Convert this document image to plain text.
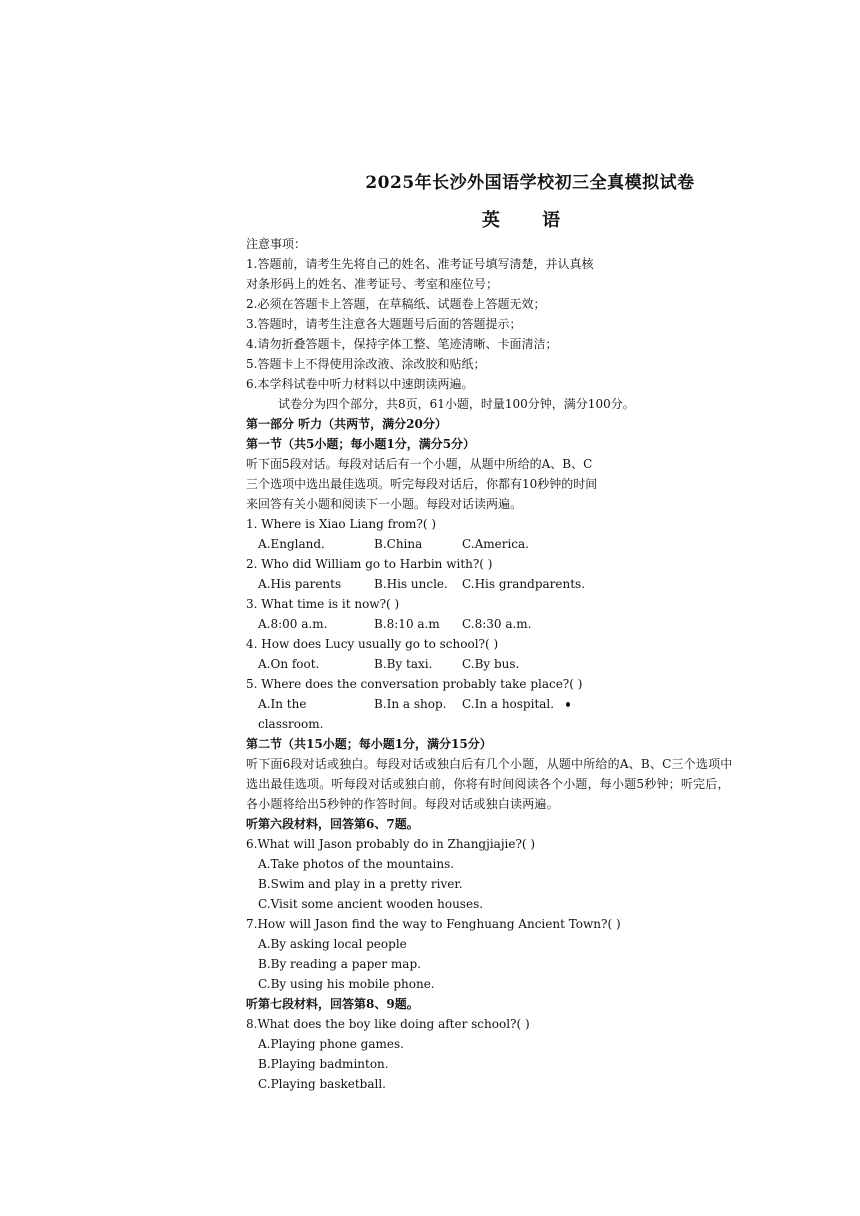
2025年长沙外国语学校初三全真模拟试卷
英 语
注意事项：
1.答题前，请考生先将自己的姓名、准考证号填写清楚，并认真核
对条形码上的姓名、准考证号、考室和座位号；
2.必须在答题卡上答题，在草稿纸、试题卷上答题无效；
3.答题时，请考生注意各大题题号后面的答题提示；
4.请勿折叠答题卡，保持字体工整、笔迹清晰、卡面清洁；
5.答题卡上不得使用涂改液、涂改胶和贴纸；
6.本学科试卷中听力材料以中速朗读两遍。
试卷分为四个部分，共8页，61小题，时量100分钟，满分100分。
第一部分 听力（共两节，满分20分）
第一节（共5小题；每小题1分，满分5分）
听下面5段对话。每段对话后有一个小题，从题中所给的A、B、C
三个选项中选出最佳选项。听完每段对话后，你都有10秒钟的时间
来回答有关小题和阅读下一小题。每段对话读两遍。
1. Where is Xiao Liang from?( )
A.England.	B.China	C.America.
2. Who did William go to Harbin with?( )
A.His parents	B.His uncle.	C.His grandparents.
3. What time is it now?( )
A.8:00 a.m.	B.8:10 a.m	C.8:30 a.m.
4. How does Lucy usually go to school?( )
A.On foot.	B.By taxi.	C.By bus.
5. Where does the conversation probably take place?( )
A.In the classroom.
B.In a shop.	C.In a hospital.
第二节（共15小题；每小题1分，满分15分）
听下面6段对话或独白。每段对话或独白后有几个小题，从题中所给的A、B、C三个选项中
选出最佳选项。听每段对话或独白前，你将有时间阅读各个小题，每小题5秒钟；听完后，
各小题将给出5秒钟的作答时间。每段对话或独白读两遍。
听第六段材料，回答第6、7题。
6.What will Jason probably do in Zhangjiajie?( )
A.Take photos of the mountains.
B.Swim and play in a pretty river.
C.Visit some ancient wooden houses.
7.How will Jason find the way to Fenghuang Ancient Town?( )
A.By asking local people
B.By reading a paper map.
C.By using his mobile phone.
听第七段材料，回答第8、9题。
8.What does the boy like doing after school?( )
A.Playing phone games.
B.Playing badminton.
C.Playing basketball.
